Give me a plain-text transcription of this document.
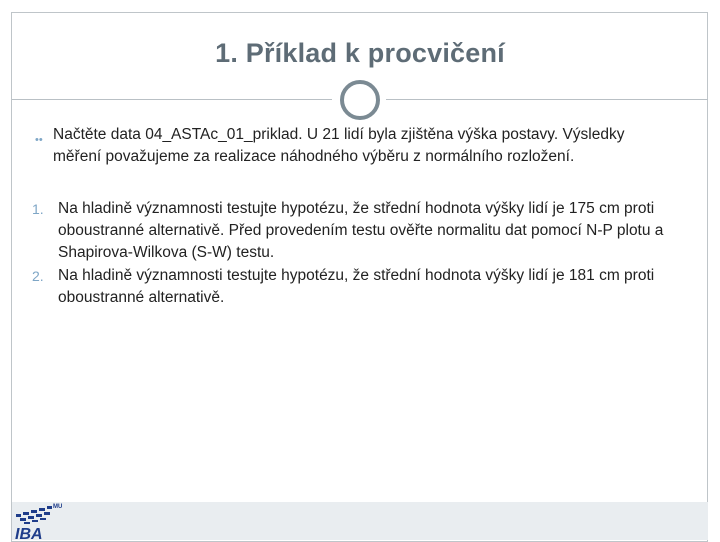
1. Příklad k procvičení
•• Načtěte data 04_ASTAc_01_priklad. U 21 lidí byla zjištěna výška postavy. Výsledky měření považujeme za realizace náhodného výběru z normálního rozložení.
1. Na hladině významnosti testujte hypotézu, že střední hodnota výšky lidí je 175 cm proti oboustranné alternativě. Před provedením testu ověřte normalitu dat pomocí N-P plotu a Shapirova-Wilkova (S-W) testu.
2. Na hladině významnosti testujte hypotézu, že střední hodnota výšky lidí je 181 cm proti oboustranné alternativě.
MU
IBA
